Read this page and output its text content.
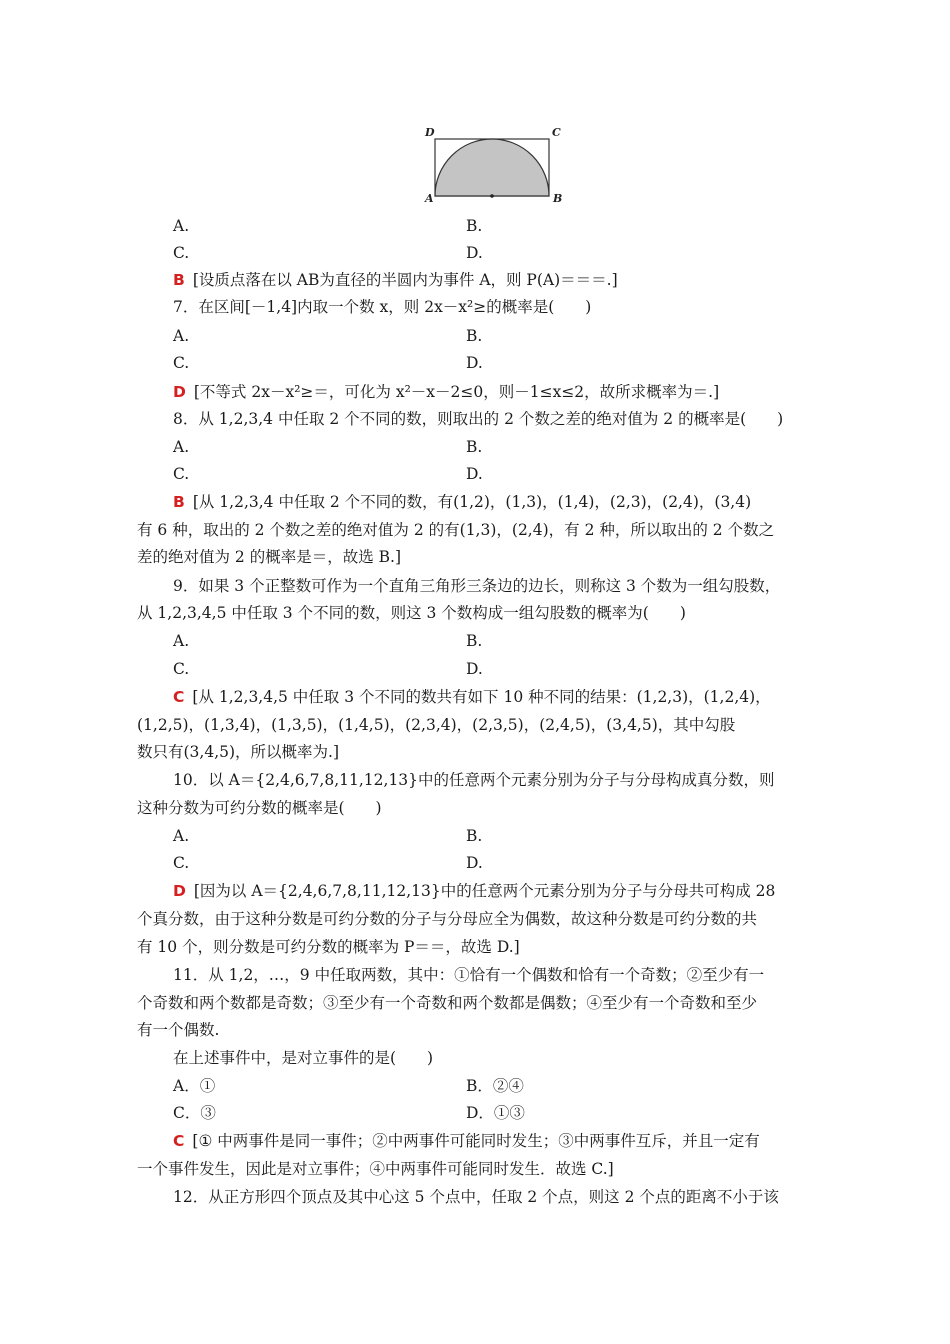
D	C
A	B
A.	B.
C.	D.
B [设质点落在以 AB为直径的半圆内为事件 A，则 P(A)＝＝＝.]
7．在区间[－1,4]内取一个数 x，则 2x－x²≥的概率是(　　)
A.	B.
C.	D.
D [不等式 2x－x²≥＝，可化为 x²－x－2≤0，则－1≤x≤2，故所求概率为＝.]
8．从 1,2,3,4 中任取 2 个不同的数，则取出的 2 个数之差的绝对值为 2 的概率是(　　)
A.	B.
C.	D.
B [从 1,2,3,4 中任取 2 个不同的数，有(1,2)，(1,3)，(1,4)，(2,3)，(2,4)，(3,4)
有 6 种，取出的 2 个数之差的绝对值为 2 的有(1,3)，(2,4)，有 2 种，所以取出的 2 个数之
差的绝对值为 2 的概率是＝，故选 B.]
9．如果 3 个正整数可作为一个直角三角形三条边的边长，则称这 3 个数为一组勾股数，
从 1,2,3,4,5 中任取 3 个不同的数，则这 3 个数构成一组勾股数的概率为(　　)
A.	B.
C.	D.
C [从 1,2,3,4,5 中任取 3 个不同的数共有如下 10 种不同的结果：(1,2,3)，(1,2,4)，
(1,2,5)，(1,3,4)，(1,3,5)，(1,4,5)，(2,3,4)，(2,3,5)，(2,4,5)，(3,4,5)，其中勾股
数只有(3,4,5)，所以概率为.]
10．以 A＝{2,4,6,7,8,11,12,13}中的任意两个元素分别为分子与分母构成真分数，则
这种分数为可约分数的概率是(　　)
A.	B.
C.	D.
D [因为以 A＝{2,4,6,7,8,11,12,13}中的任意两个元素分别为分子与分母共可构成 28
个真分数，由于这种分数是可约分数的分子与分母应全为偶数，故这种分数是可约分数的共
有 10 个，则分数是可约分数的概率为 P＝＝，故选 D.]
11．从 1,2，…，9 中任取两数，其中：①恰有一个偶数和恰有一个奇数；②至少有一
个奇数和两个数都是奇数；③至少有一个奇数和两个数都是偶数；④至少有一个奇数和至少
有一个偶数.
在上述事件中，是对立事件的是(　　)
A．①	B．②④
C．③	D．①③
C [① 中两事件是同一事件；②中两事件可能同时发生；③中两事件互斥，并且一定有
一个事件发生，因此是对立事件；④中两事件可能同时发生．故选 C.]
12．从正方形四个顶点及其中心这 5 个点中，任取 2 个点，则这 2 个点的距离不小于该
